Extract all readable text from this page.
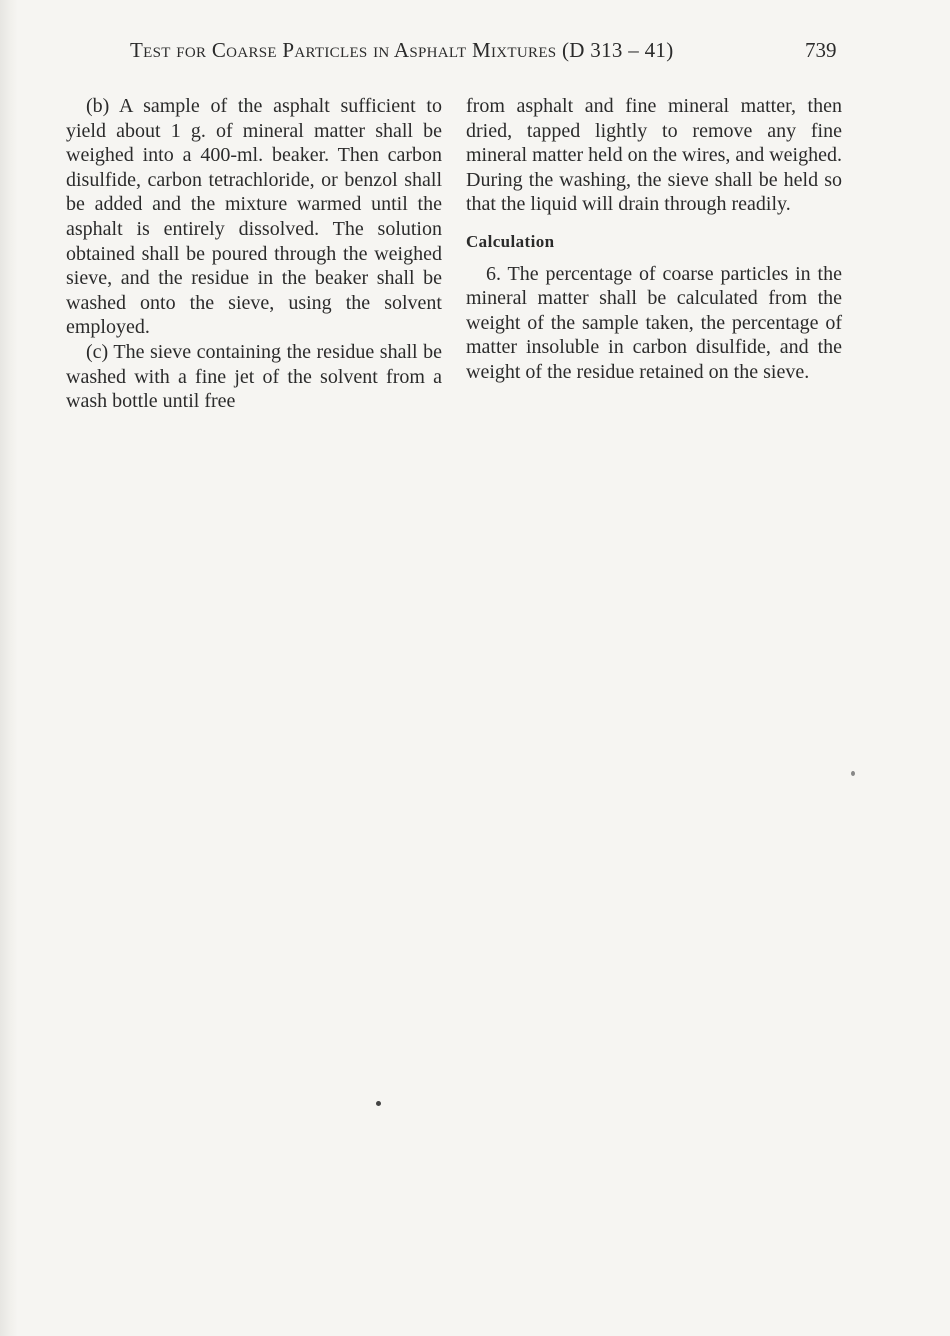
Test for Coarse Particles in Asphalt Mixtures (D 313 – 41)	739

(b) A sample of the asphalt sufficient to yield about 1 g. of mineral matter shall be weighed into a 400-ml. beaker. Then carbon disulfide, carbon tetrachloride, or benzol shall be added and the mixture warmed until the asphalt is entirely dissolved. The solution obtained shall be poured through the weighed sieve, and the residue in the beaker shall be washed onto the sieve, using the solvent employed.

(c) The sieve containing the residue shall be washed with a fine jet of the solvent from a wash bottle until free

from asphalt and fine mineral matter, then dried, tapped lightly to remove any fine mineral matter held on the wires, and weighed. During the washing, the sieve shall be held so that the liquid will drain through readily.

Calculation

6. The percentage of coarse particles in the mineral matter shall be calculated from the weight of the sample taken, the percentage of matter insoluble in carbon disulfide, and the weight of the residue retained on the sieve.
